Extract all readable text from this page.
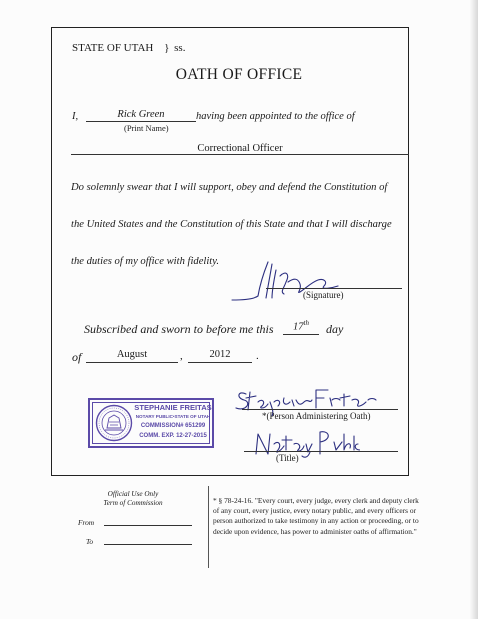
STATE OF UTAH } ss.
OATH OF OFFICE
I,	Rick Green
(Print Name)
having been appointed to the office of
Correctional Officer
Do solemnly swear that I will support, obey and defend the Constitution of
the United States and the Constitution of this State and that I will discharge
the duties of my office with fidelity.
(Signature)
Subscribed and sworn to before me this	17th	day
of	August	,	2012	.
STEPHANIE FREITAS
NOTARY PUBLIC•STATE OF UTAH
COMMISSION# 651299
COMM. EXP. 12-27-2015
*(Person Administering Oath)
(Title)
Official Use Only
Term of Commission
From
To
* § 78-24-16. "Every court, every judge, every clerk and deputy clerk of any court, every justice, every notary public, and every officers or person authorized to take testimony in any action or proceeding, or to decide upon evidence, has power to administer oaths of affirmation."
